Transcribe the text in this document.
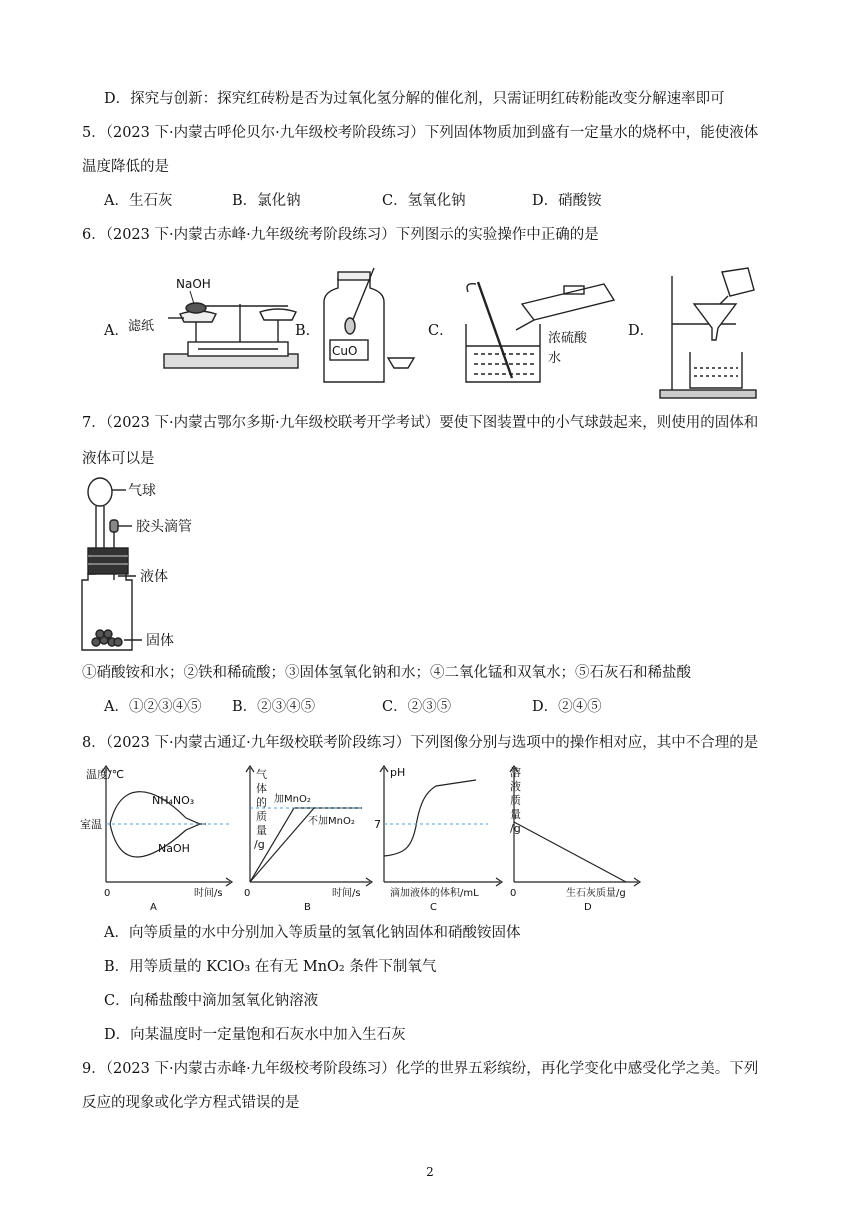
D．探究与创新：探究红砖粉是否为过氧化氢分解的催化剂，只需证明红砖粉能改变分解速率即可
5．（2023 下·内蒙古呼伦贝尔·九年级校考阶段练习）下列固体物质加到盛有一定量水的烧杯中，能使液体
温度降低的是
A．生石灰	B．氯化钠	C．氢氧化钠	D．硝酸铵
6．（2023 下·内蒙古赤峰·九年级统考阶段练习）下列图示的实验操作中正确的是
A．	B．	C．	D．
NaOH
滤纸
CuO
浓硫酸
水
7．（2023 下·内蒙古鄂尔多斯·九年级校联考开学考试）要使下图装置中的小气球鼓起来，则使用的固体和
液体可以是
气球
胶头滴管
液体
固体
①硝酸铵和水；②铁和稀硫酸；③固体氢氧化钠和水；④二氧化锰和双氧水；⑤石灰石和稀盐酸
A．①②③④⑤ B．②③④⑤	C．②③⑤	D．②④⑤
8．（2023 下·内蒙古通辽·九年级校联考阶段练习）下列图像分别与选项中的操作相对应，其中不合理的是
温度/℃
室温
NH₄NO₃
NaOH
0	时间/s
A
气
体
的
质
量
/g
加MnO₂
不加MnO₂
0	时间/s
B
pH
7
滴加液体的体积/mL
C
溶
液
质
量
/g
0	生石灰质量/g
D
A．向等质量的水中分别加入等质量的氢氧化钠固体和硝酸铵固体
B．用等质量的 KClO₃ 在有无 MnO₂ 条件下制氧气
C．向稀盐酸中滴加氢氧化钠溶液
D．向某温度时一定量饱和石灰水中加入生石灰
9．（2023 下·内蒙古赤峰·九年级校考阶段练习）化学的世界五彩缤纷，再化学变化中感受化学之美。下列
反应的现象或化学方程式错误的是
2
